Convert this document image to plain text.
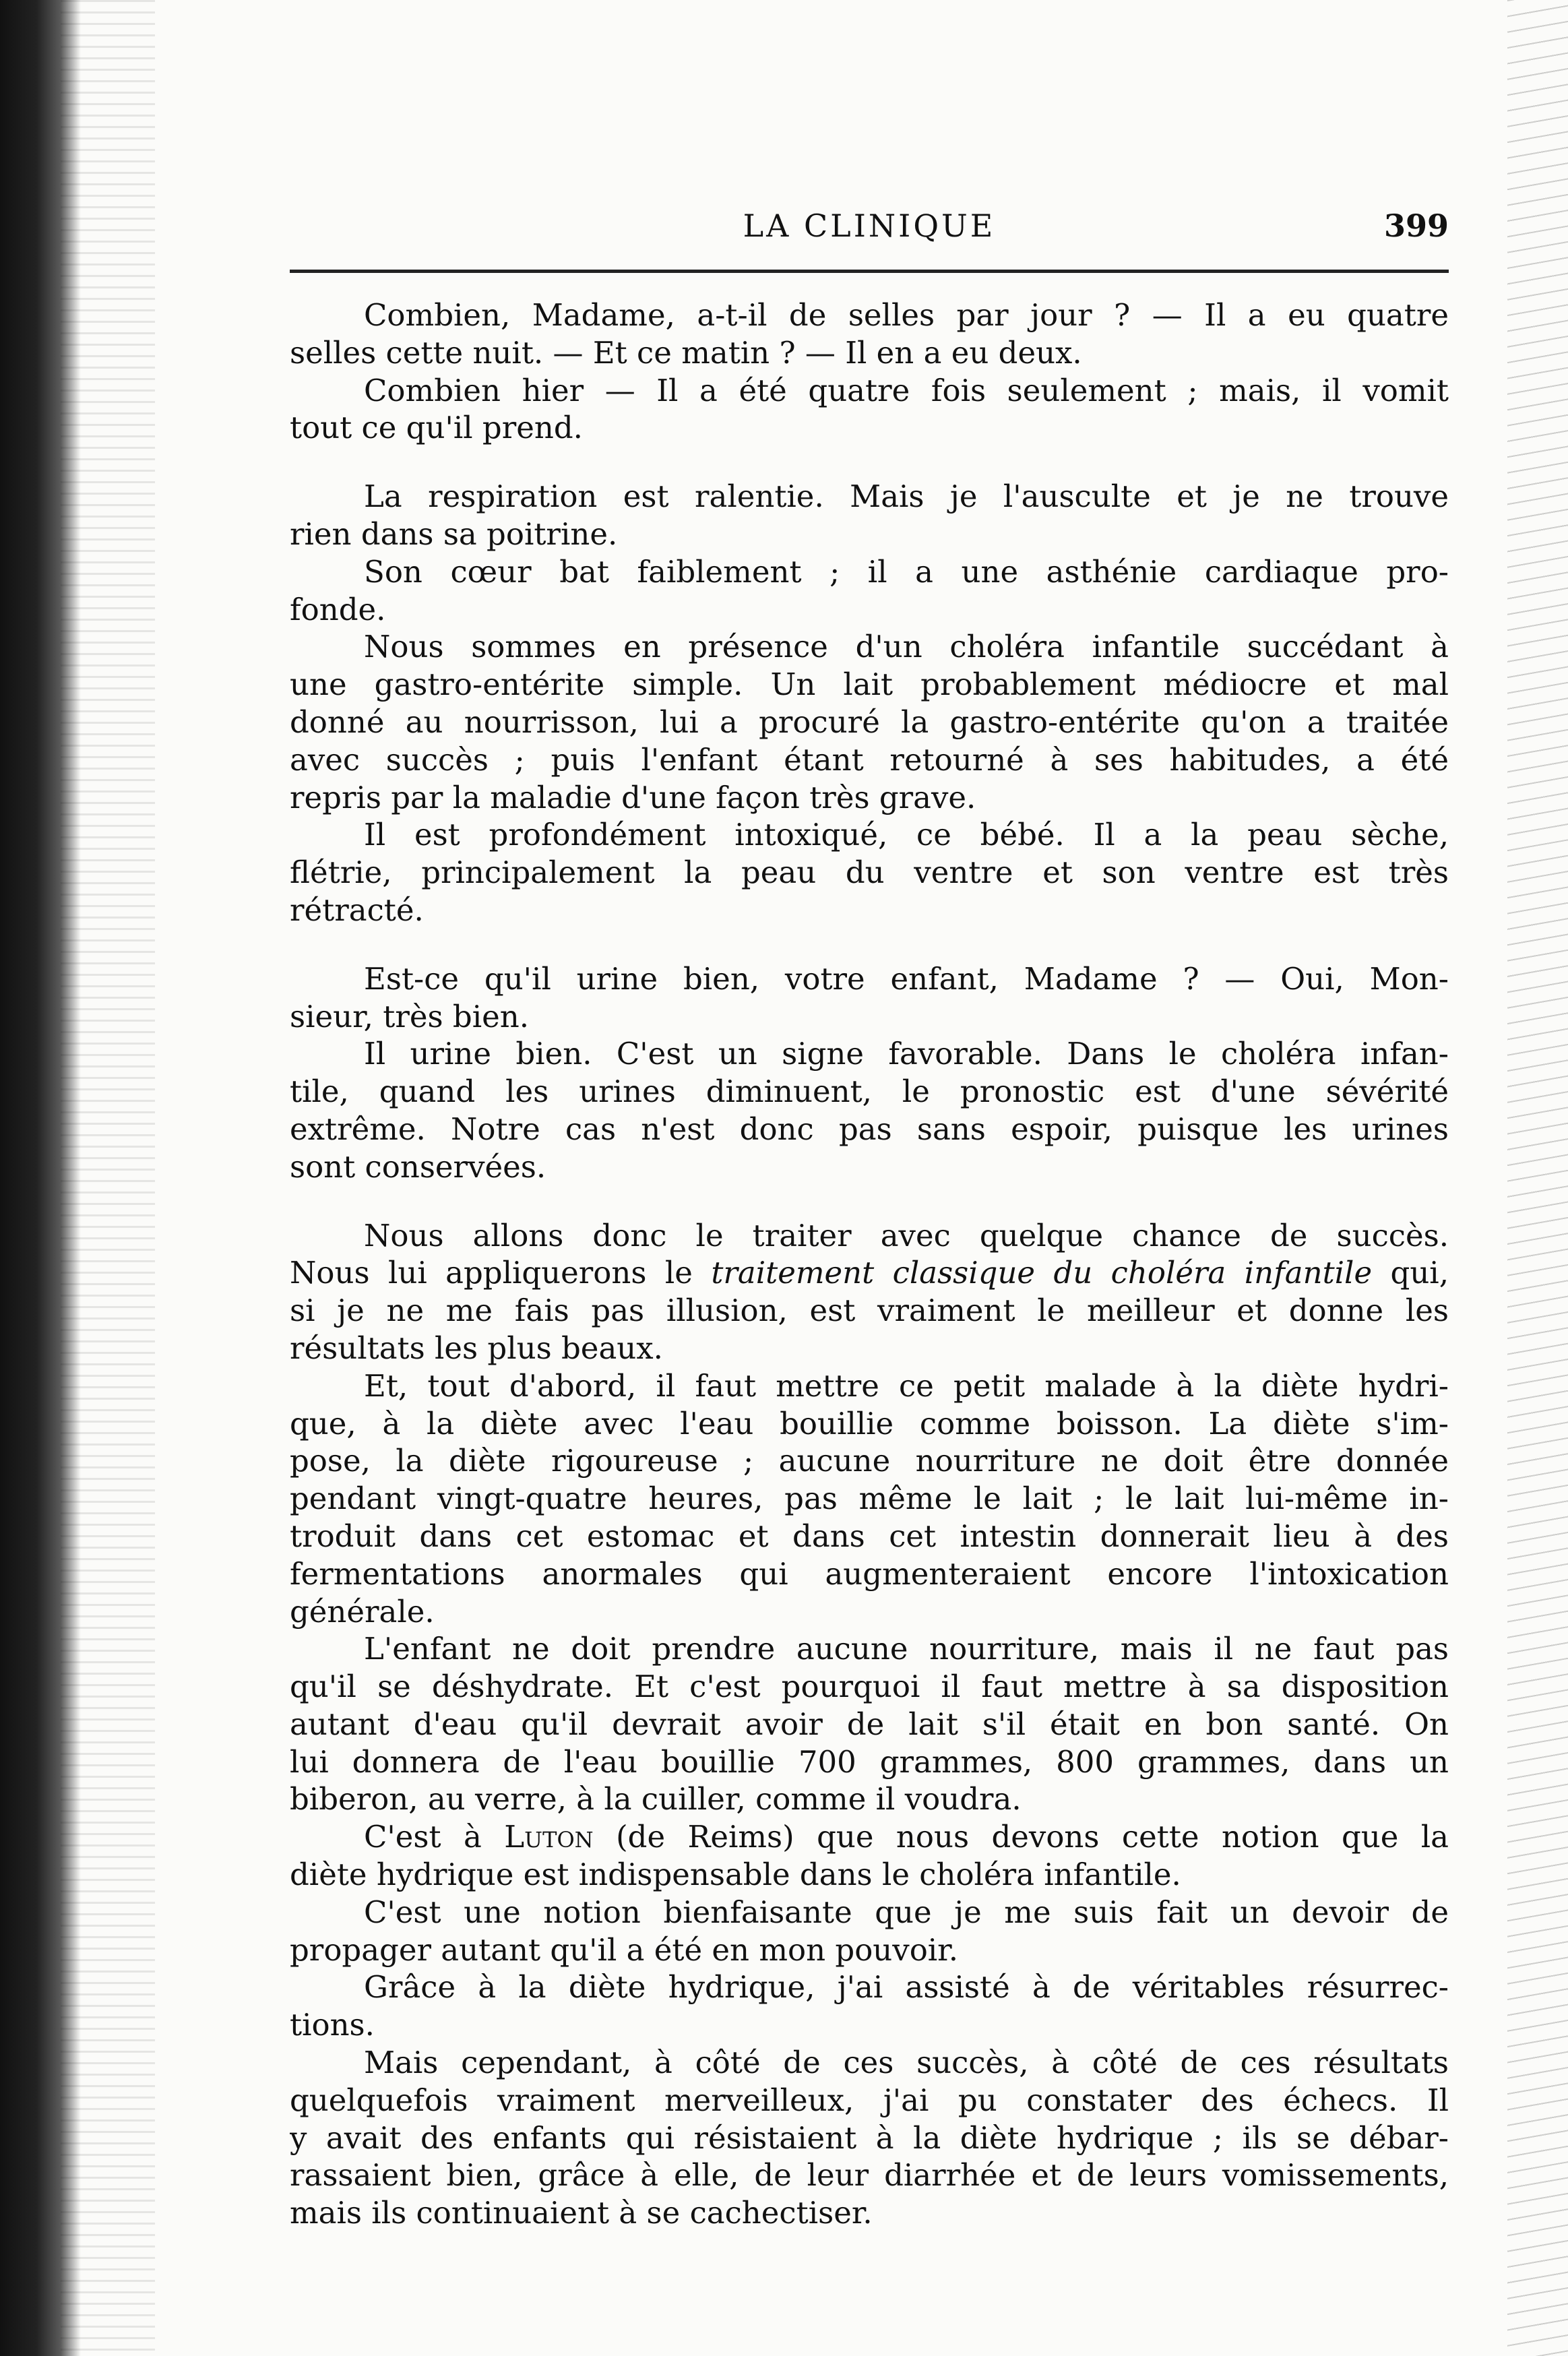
LA CLINIQUE	399
Combien, Madame, a-t-il de selles par jour ? — Il a eu quatre
selles cette nuit. — Et ce matin ? — Il en a eu deux.
Combien hier — Il a été quatre fois seulement ; mais, il vomit
tout ce qu'il prend.
La respiration est ralentie. Mais je l'ausculte et je ne trouve
rien dans sa poitrine.
Son cœur bat faiblement ; il a une asthénie cardiaque pro-
fonde.
Nous sommes en présence d'un choléra infantile succédant à
une gastro-entérite simple. Un lait probablement médiocre et mal
donné au nourrisson, lui a procuré la gastro-entérite qu'on a traitée
avec succès ; puis l'enfant étant retourné à ses habitudes, a été
repris par la maladie d'une façon très grave.
Il est profondément intoxiqué, ce bébé. Il a la peau sèche,
flétrie, principalement la peau du ventre et son ventre est très
rétracté.
Est-ce qu'il urine bien, votre enfant, Madame ? — Oui, Mon-
sieur, très bien.
Il urine bien. C'est un signe favorable. Dans le choléra infan-
tile, quand les urines diminuent, le pronostic est d'une sévérité
extrême. Notre cas n'est donc pas sans espoir, puisque les urines
sont conservées.
Nous allons donc le traiter avec quelque chance de succès.
Nous lui appliquerons le traitement classique du choléra infantile qui,
si je ne me fais pas illusion, est vraiment le meilleur et donne les
résultats les plus beaux.
Et, tout d'abord, il faut mettre ce petit malade à la diète hydri-
que, à la diète avec l'eau bouillie comme boisson. La diète s'im-
pose, la diète rigoureuse ; aucune nourriture ne doit être donnée
pendant vingt-quatre heures, pas même le lait ; le lait lui-même in-
troduit dans cet estomac et dans cet intestin donnerait lieu à des
fermentations anormales qui augmenteraient encore l'intoxication
générale.
L'enfant ne doit prendre aucune nourriture, mais il ne faut pas
qu'il se déshydrate. Et c'est pourquoi il faut mettre à sa disposition
autant d'eau qu'il devrait avoir de lait s'il était en bon santé. On
lui donnera de l'eau bouillie 700 grammes, 800 grammes, dans un
biberon, au verre, à la cuiller, comme il voudra.
C'est à Luton (de Reims) que nous devons cette notion que la
diète hydrique est indispensable dans le choléra infantile.
C'est une notion bienfaisante que je me suis fait un devoir de
propager autant qu'il a été en mon pouvoir.
Grâce à la diète hydrique, j'ai assisté à de véritables résurrec-
tions.
Mais cependant, à côté de ces succès, à côté de ces résultats
quelquefois vraiment merveilleux, j'ai pu constater des échecs. Il
y avait des enfants qui résistaient à la diète hydrique ; ils se débar-
rassaient bien, grâce à elle, de leur diarrhée et de leurs vomissements,
mais ils continuaient à se cachectiser.
